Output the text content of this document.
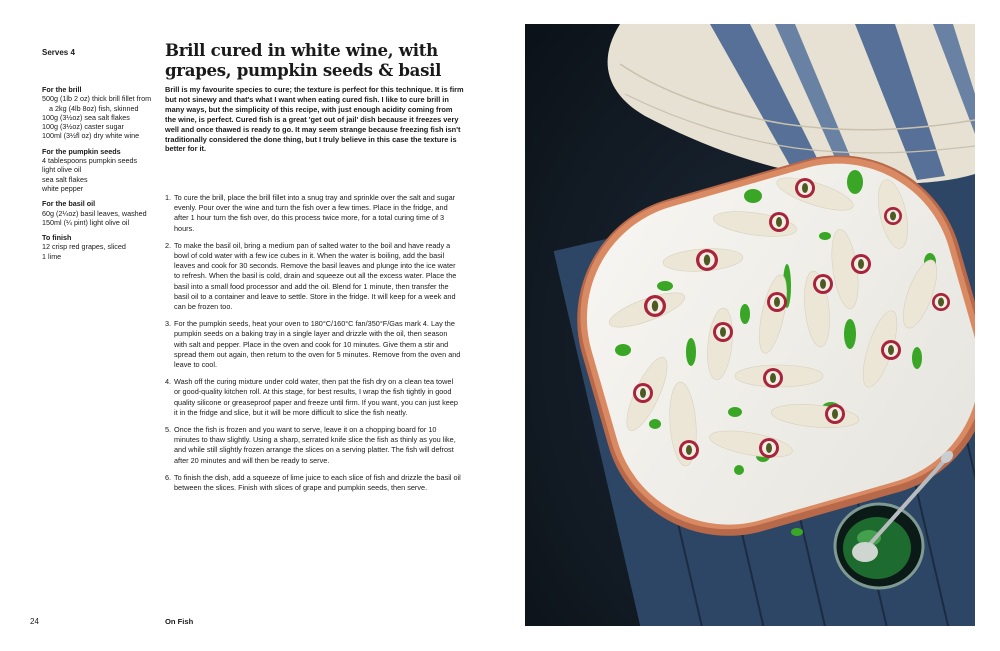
Serves 4
For the brill
500g (1lb 2 oz) thick brill fillet from a 2kg (4lb 8oz) fish, skinned
100g (3½oz) sea salt flakes
100g (3½oz) caster sugar
100ml (3½fl oz) dry white wine
For the pumpkin seeds
4 tablespoons pumpkin seeds
light olive oil
sea salt flakes
white pepper
For the basil oil
60g (2¼oz) basil leaves, washed
150ml (¼ pint) light olive oil
To finish
12 crisp red grapes, sliced
1 lime
Brill cured in white wine, with grapes, pumpkin seeds & basil
Brill is my favourite species to cure; the texture is perfect for this technique. It is firm but not sinewy and that's what I want when eating cured fish. I like to cure brill in many ways, but the simplicity of this recipe, with just enough acidity coming from the wine, is perfect. Cured fish is a great 'get out of jail' dish because it freezes very well and once thawed is ready to go. It may seem strange because freezing fish isn't traditionally considered the done thing, but I truly believe in this case the texture is better for it.
1. To cure the brill, place the brill fillet into a snug tray and sprinkle over the salt and sugar evenly. Pour over the wine and turn the fish over a few times. Place in the fridge, and after 1 hour turn the fish over, do this process twice more, for a total curing time of 3 hours.
2. To make the basil oil, bring a medium pan of salted water to the boil and have ready a bowl of cold water with a few ice cubes in it. When the water is boiling, add the basil leaves and cook for 30 seconds. Remove the basil leaves and plunge into the ice water to refresh. When the basil is cold, drain and squeeze out all the excess water. Place the basil into a small food processor and add the oil. Blend for 1 minute, then transfer the basil oil to a container and leave to settle. Store in the fridge. It will keep for a week and can be frozen too.
3. For the pumpkin seeds, heat your oven to 180°C/160°C fan/350°F/Gas mark 4. Lay the pumpkin seeds on a baking tray in a single layer and drizzle with the oil, then season with salt and pepper. Place in the oven and cook for 10 minutes. Give them a stir and spread them out again, then return to the oven for 5 minutes. Remove from the oven and leave to cool.
4. Wash off the curing mixture under cold water, then pat the fish dry on a clean tea towel or good-quality kitchen roll. At this stage, for best results, I wrap the fish tightly in good quality silicone or greaseproof paper and freeze until firm. If you want, you can just keep it in the fridge and slice, but it will be more difficult to slice the fish neatly.
5. Once the fish is frozen and you want to serve, leave it on a chopping board for 10 minutes to thaw slightly. Using a sharp, serrated knife slice the fish as thinly as you like, and while still slightly frozen arrange the slices on a serving platter. The fish will defrost after 20 minutes and will then be ready to serve.
6. To finish the dish, add a squeeze of lime juice to each slice of fish and drizzle the basil oil between the slices. Finish with slices of grape and pumpkin seeds, then serve.
24	On Fish
